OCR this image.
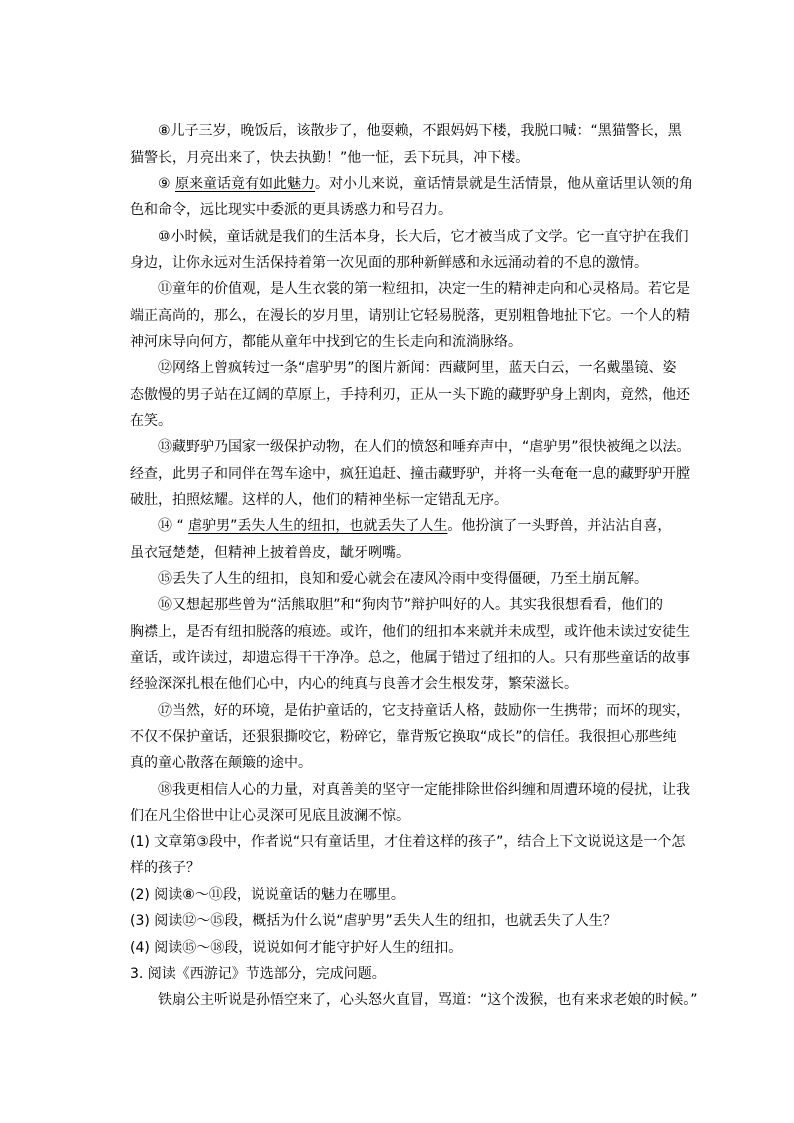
⑧儿子三岁，晚饭后，该散步了，他耍赖，不跟妈妈下楼，我脱口喊：“黑猫警长，黑
猫警长，月亮出来了，快去执勤！”他一怔，丢下玩具，冲下楼。
⑨ 原来童话竟有如此魅力。对小儿来说，童话情景就是生活情景，他从童话里认领的角
色和命令，远比现实中委派的更具诱惑力和号召力。
⑩小时候，童话就是我们的生活本身，长大后，它才被当成了文学。它一直守护在我们
身边，让你永远对生活保持着第一次见面的那种新鲜感和永远涌动着的不息的激情。
⑪童年的价值观，是人生衣裳的第一粒纽扣，决定一生的精神走向和心灵格局。若它是
端正高尚的，那么，在漫长的岁月里，请别让它轻易脱落，更别粗鲁地扯下它。一个人的精
神河床导向何方，都能从童年中找到它的生长走向和流淌脉络。
⑫网络上曾疯转过一条“虐驴男”的图片新闻：西藏阿里，蓝天白云，一名戴墨镜、姿
态傲慢的男子站在辽阔的草原上，手持利刃，正从一头下跪的藏野驴身上割肉，竟然，他还
在笑。
⑬藏野驴乃国家一级保护动物，在人们的愤怒和唾弃声中，“虐驴男”很快被绳之以法。
经查，此男子和同伴在驾车途中，疯狂追赶、撞击藏野驴，并将一头奄奄一息的藏野驴开膛
破肚，拍照炫耀。这样的人，他们的精神坐标一定错乱无序。
⑭ “ 虐驴男”丢失人生的纽扣，也就丢失了人生。他扮演了一头野兽，并沾沾自喜，
虽衣冠楚楚，但精神上披着兽皮，龇牙咧嘴。
⑮丢失了人生的纽扣，良知和爱心就会在凄风冷雨中变得僵硬，乃至土崩瓦解。
⑯又想起那些曾为“活熊取胆”和“狗肉节”辩护叫好的人。其实我很想看看，他们的
胸襟上，是否有纽扣脱落的痕迹。或许，他们的纽扣本来就并未成型，或许他未读过安徒生
童话，或许读过，却遗忘得干干净净。总之，他属于错过了纽扣的人。只有那些童话的故事
经验深深扎根在他们心中，内心的纯真与良善才会生根发芽，繁荣滋长。
⑰当然，好的环境，是佑护童话的，它支持童话人格，鼓励你一生携带；而坏的现实，
不仅不保护童话，还狠狠撕咬它，粉碎它，靠背叛它换取“成长”的信任。我很担心那些纯
真的童心散落在颠簸的途中。
⑱我更相信人心的力量，对真善美的坚守一定能排除世俗纠缠和周遭环境的侵扰，让我
们在凡尘俗世中让心灵深可见底且波澜不惊。
(1) 文章第③段中，作者说“只有童话里，才住着这样的孩子”，结合上下文说说这是一个怎
样的孩子？
(2) 阅读⑧～⑪段，说说童话的魅力在哪里。
(3) 阅读⑫～⑮段，概括为什么说“虐驴男”丢失人生的纽扣，也就丢失了人生？
(4) 阅读⑮～⑱段，说说如何才能守护好人生的纽扣。
3. 阅读《西游记》节选部分，完成问题。
铁扇公主听说是孙悟空来了，心头怒火直冒，骂道：“这个泼猴，也有来求老娘的时候。”
